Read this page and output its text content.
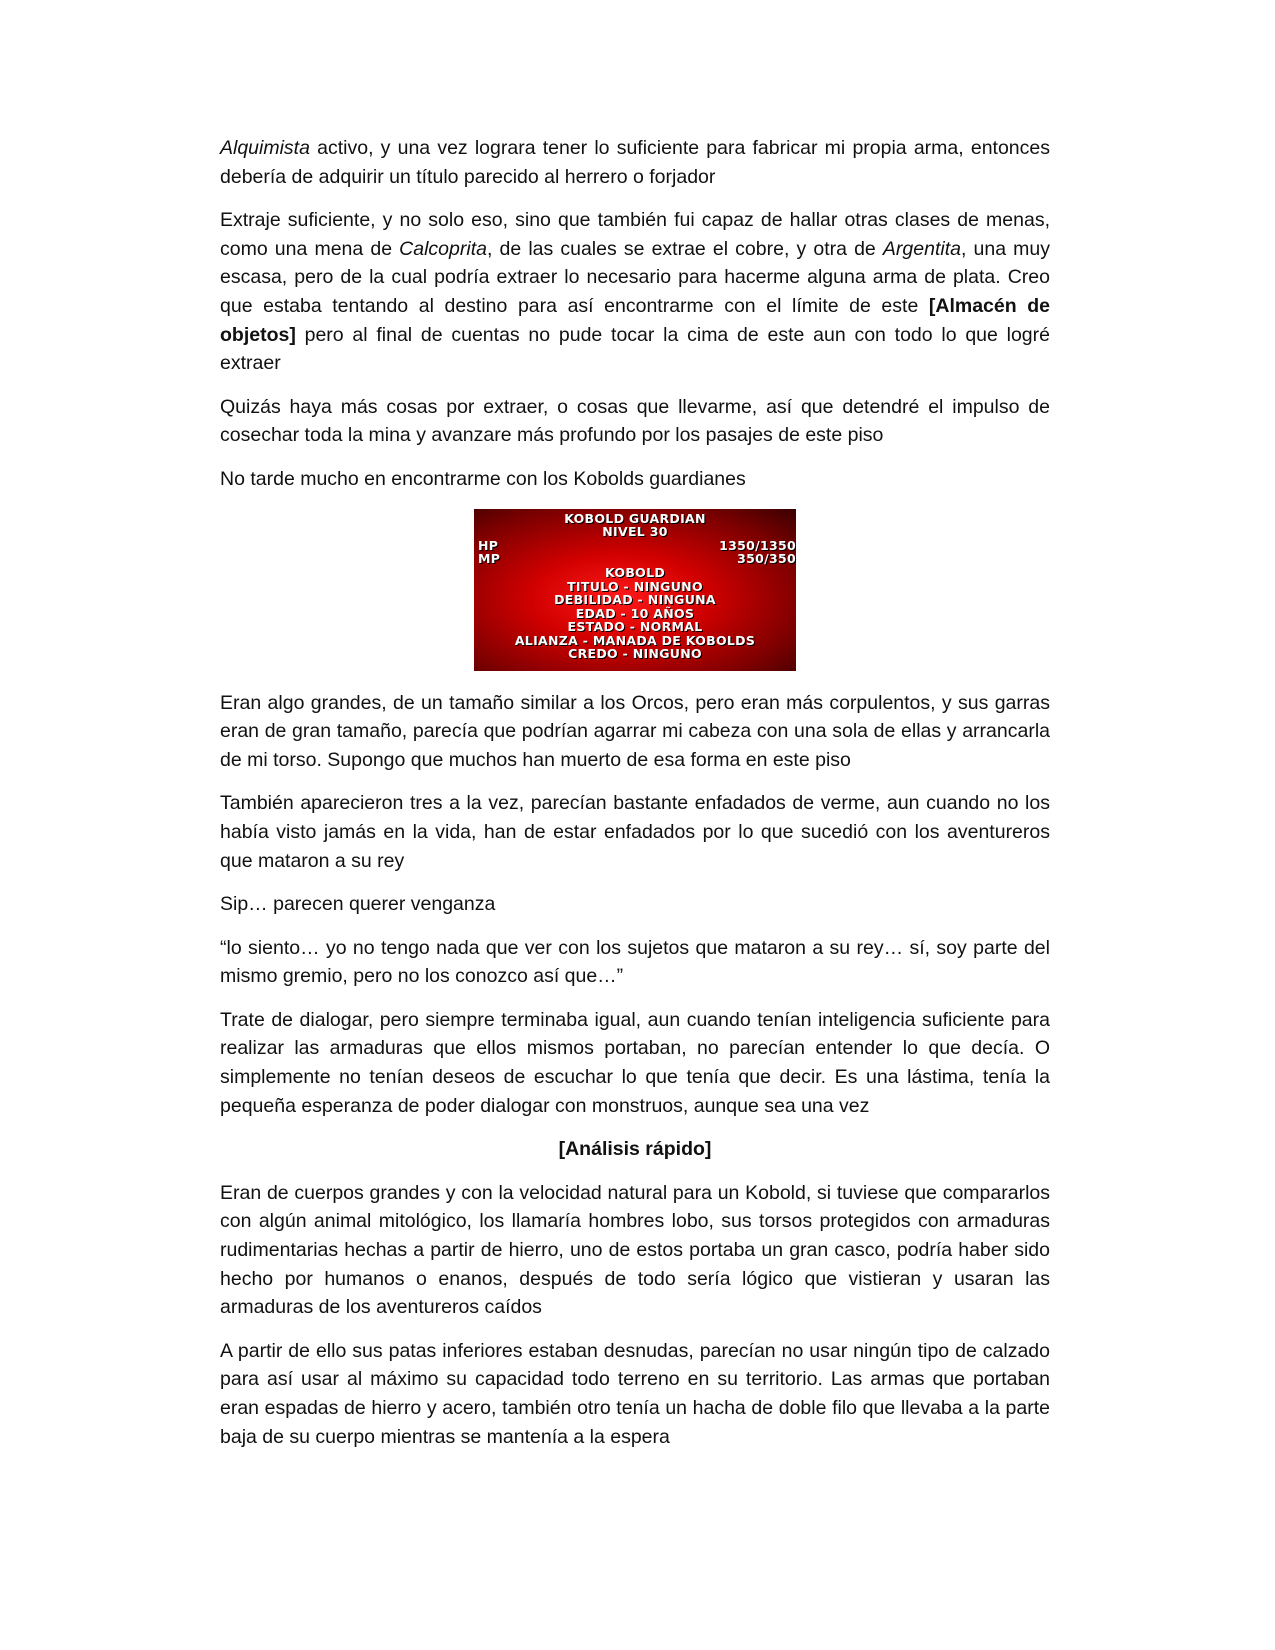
Alquimista activo, y una vez lograra tener lo suficiente para fabricar mi propia arma, entonces debería de adquirir un título parecido al herrero o forjador

Extraje suficiente, y no solo eso, sino que también fui capaz de hallar otras clases de menas, como una mena de Calcoprita, de las cuales se extrae el cobre, y otra de Argentita, una muy escasa, pero de la cual podría extraer lo necesario para hacerme alguna arma de plata. Creo que estaba tentando al destino para así encontrarme con el límite de este [Almacén de objetos] pero al final de cuentas no pude tocar la cima de este aun con todo lo que logré extraer

Quizás haya más cosas por extraer, o cosas que llevarme, así que detendré el impulso de cosechar toda la mina y avanzare más profundo por los pasajes de este piso

No tarde mucho en encontrarme con los Kobolds guardianes

KOBOLD GUARDIAN
NIVEL 30
HP	1350/1350
MP	350/350
KOBOLD
TITULO - NINGUNO
DEBILIDAD - NINGUNA
EDAD - 10 AÑOS
ESTADO - NORMAL
ALIANZA - MANADA DE KOBOLDS
CREDO - NINGUNO

Eran algo grandes, de un tamaño similar a los Orcos, pero eran más corpulentos, y sus garras eran de gran tamaño, parecía que podrían agarrar mi cabeza con una sola de ellas y arrancarla de mi torso. Supongo que muchos han muerto de esa forma en este piso

También aparecieron tres a la vez, parecían bastante enfadados de verme, aun cuando no los había visto jamás en la vida, han de estar enfadados por lo que sucedió con los aventureros que mataron a su rey

Sip… parecen querer venganza

“lo siento… yo no tengo nada que ver con los sujetos que mataron a su rey… sí, soy parte del mismo gremio, pero no los conozco así que…”

Trate de dialogar, pero siempre terminaba igual, aun cuando tenían inteligencia suficiente para realizar las armaduras que ellos mismos portaban, no parecían entender lo que decía. O simplemente no tenían deseos de escuchar lo que tenía que decir. Es una lástima, tenía la pequeña esperanza de poder dialogar con monstruos, aunque sea una vez

[Análisis rápido]

Eran de cuerpos grandes y con la velocidad natural para un Kobold, si tuviese que compararlos con algún animal mitológico, los llamaría hombres lobo, sus torsos protegidos con armaduras rudimentarias hechas a partir de hierro, uno de estos portaba un gran casco, podría haber sido hecho por humanos o enanos, después de todo sería lógico que vistieran y usaran las armaduras de los aventureros caídos

A partir de ello sus patas inferiores estaban desnudas, parecían no usar ningún tipo de calzado para así usar al máximo su capacidad todo terreno en su territorio. Las armas que portaban eran espadas de hierro y acero, también otro tenía un hacha de doble filo que llevaba a la parte baja de su cuerpo mientras se mantenía a la espera
